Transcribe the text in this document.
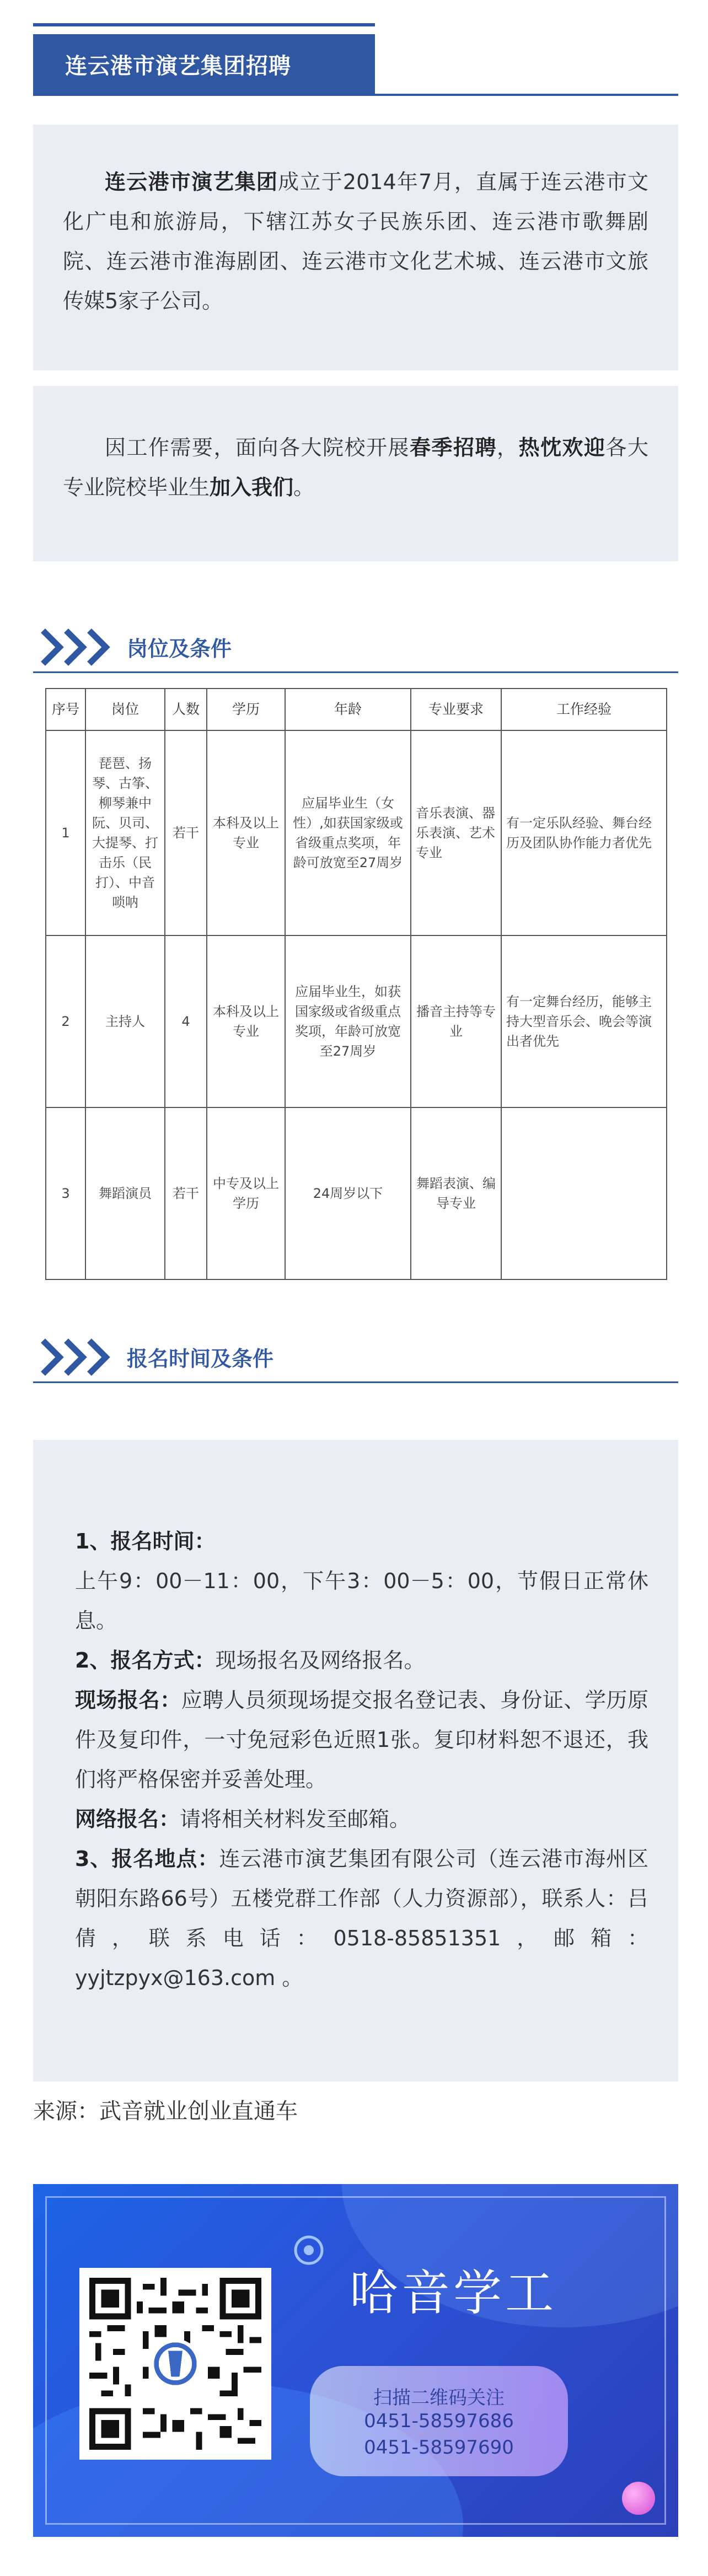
连云港市演艺集团招聘

连云港市演艺集团成立于2014年7月，直属于连云港市文化广电和旅游局，下辖江苏女子民族乐团、连云港市歌舞剧院、连云港市淮海剧团、连云港市文化艺术城、连云港市文旅传媒5家子公司。

因工作需要，面向各大院校开展春季招聘，热忱欢迎各大专业院校毕业生加入我们。

岗位及条件
序号	岗位	人数	学历	年龄	专业要求	工作经验
1	琵琶、扬琴、古筝、柳琴兼中阮、贝司、大提琴、打击乐（民打）、中音唢呐	若干	本科及以上专业	应届毕业生（女性）,如获国家级或省级重点奖项，年龄可放宽至27周岁	音乐表演、器乐表演、艺术专业	有一定乐队经验、舞台经历及团队协作能力者优先
2	主持人	4	本科及以上专业	应届毕业生，如获国家级或省级重点奖项，年龄可放宽至27周岁	播音主持等专业	有一定舞台经历，能够主持大型音乐会、晚会等演出者优先
3	舞蹈演员	若干	中专及以上学历	24周岁以下	舞蹈表演、编导专业	
报名时间及条件

1、报名时间：

上午9：00－11：00，下午3：00－5：00，节假日正常休息。

2、报名方式：现场报名及网络报名。

现场报名：应聘人员须现场提交报名登记表、身份证、学历原件及复印件，一寸免冠彩色近照1张。复印材料恕不退还，我们将严格保密并妥善处理。

网络报名：请将相关材料发至邮箱。

3、报名地点：连云港市演艺集团有限公司（连云港市海州区朝阳东路66号）五楼党群工作部（人力资源部），联系人：吕倩，联系电话：0518-85851351，邮箱：yyjtzpyx@163.com 。

来源：武音就业创业直通车
哈音学工
扫描二维码关注
0451-58597686
0451-58597690
